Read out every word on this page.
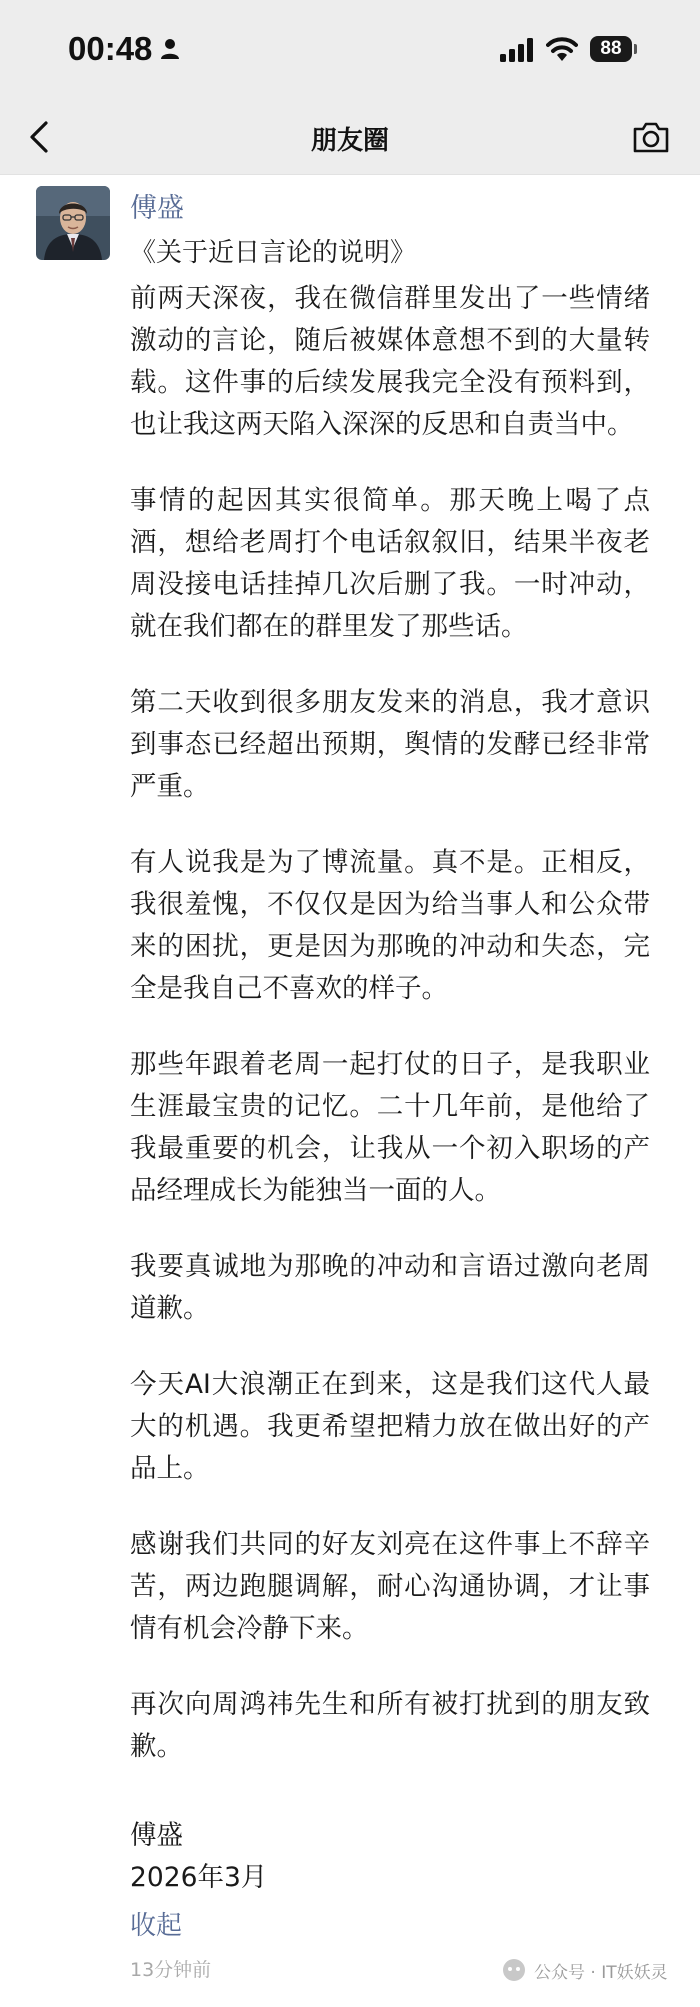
00:48	88
朋友圈
傅盛
《关于近日言论的说明》

前两天深夜，我在微信群里发出了一些情绪激动的言论，随后被媒体意想不到的大量转载。这件事的后续发展我完全没有预料到，也让我这两天陷入深深的反思和自责当中。

事情的起因其实很简单。那天晚上喝了点酒，想给老周打个电话叙叙旧，结果半夜老周没接电话挂掉几次后删了我。一时冲动，就在我们都在的群里发了那些话。

第二天收到很多朋友发来的消息，我才意识到事态已经超出预期，舆情的发酵已经非常严重。

有人说我是为了博流量。真不是。正相反，我很羞愧，不仅仅是因为给当事人和公众带来的困扰，更是因为那晚的冲动和失态，完全是我自己不喜欢的样子。

那些年跟着老周一起打仗的日子，是我职业生涯最宝贵的记忆。二十几年前，是他给了我最重要的机会，让我从一个初入职场的产品经理成长为能独当一面的人。

我要真诚地为那晚的冲动和言语过激向老周道歉。

今天AI大浪潮正在到来，这是我们这代人最大的机遇。我更希望把精力放在做出好的产品上。

感谢我们共同的好友刘亮在这件事上不辞辛苦，两边跑腿调解，耐心沟通协调，才让事情有机会冷静下来。

再次向周鸿祎先生和所有被打扰到的朋友致歉。

傅盛
2026年3月
收起
13分钟前	公众号 · IT妖妖灵
